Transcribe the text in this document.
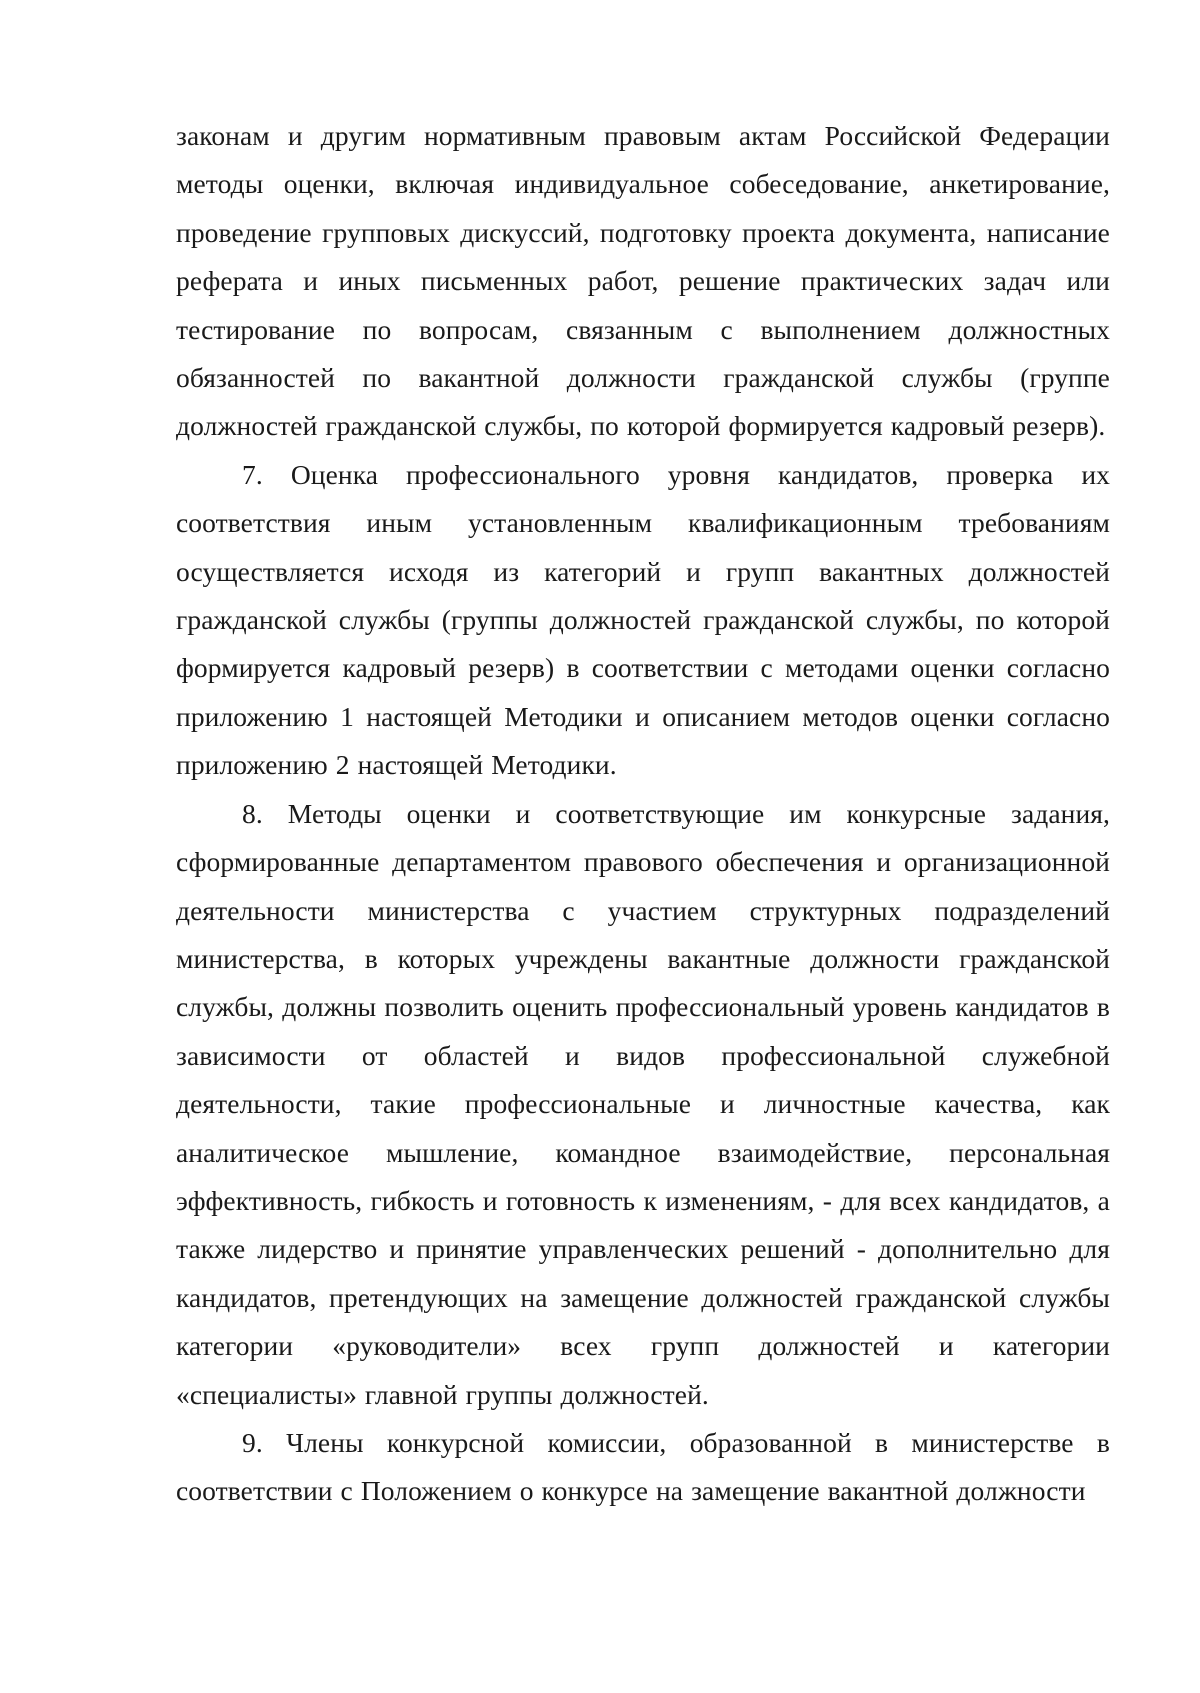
законам и другим нормативным правовым актам Российской Федерации методы оценки, включая индивидуальное собеседование, анкетирование, проведение групповых дискуссий, подготовку проекта документа, написание реферата и иных письменных работ, решение практических задач или тестирование по вопросам, связанным с выполнением должностных обязанностей по вакантной должности гражданской службы (группе должностей гражданской службы, по которой формируется кадровый резерв).

7. Оценка профессионального уровня кандидатов, проверка их соответствия иным установленным квалификационным требованиям осуществляется исходя из категорий и групп вакантных должностей гражданской службы (группы должностей гражданской службы, по которой формируется кадровый резерв) в соответствии с методами оценки согласно приложению 1 настоящей Методики и описанием методов оценки согласно приложению 2 настоящей Методики.

8. Методы оценки и соответствующие им конкурсные задания, сформированные департаментом правового обеспечения и организационной деятельности министерства с участием структурных подразделений министерства, в которых учреждены вакантные должности гражданской службы, должны позволить оценить профессиональный уровень кандидатов в зависимости от областей и видов профессиональной служебной деятельности, такие профессиональные и личностные качества, как аналитическое мышление, командное взаимодействие, персональная эффективность, гибкость и готовность к изменениям, - для всех кандидатов, а также лидерство и принятие управленческих решений - дополнительно для кандидатов, претендующих на замещение должностей гражданской службы категории «руководители» всех групп должностей и категории «специалисты» главной группы должностей.

9. Члены конкурсной комиссии, образованной в министерстве в соответствии с Положением о конкурсе на замещение вакантной должности
